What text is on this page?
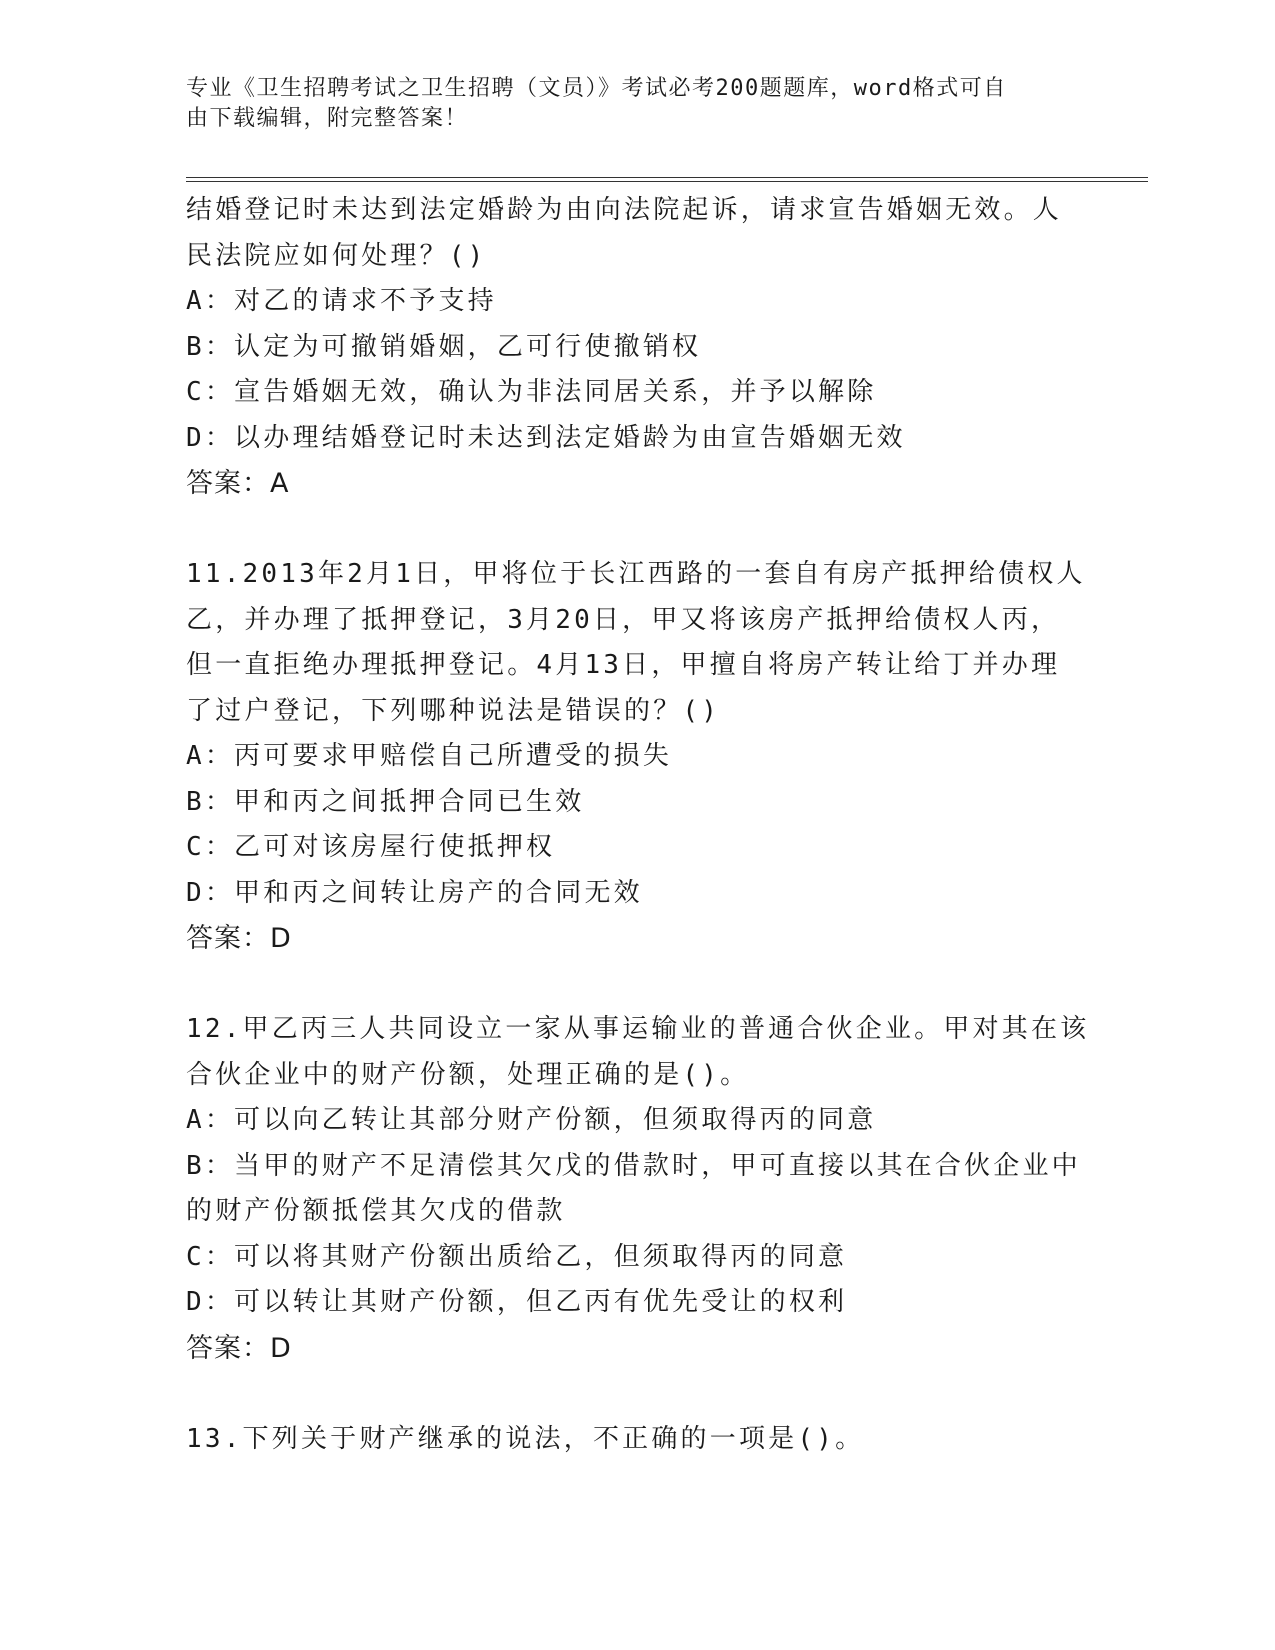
专业《卫生招聘考试之卫生招聘（文员）》考试必考200题题库，word格式可自
由下载编辑，附完整答案！
结婚登记时未达到法定婚龄为由向法院起诉，请求宣告婚姻无效。人
民法院应如何处理？()
A：对乙的请求不予支持
B：认定为可撤销婚姻，乙可行使撤销权
C：宣告婚姻无效，确认为非法同居关系，并予以解除
D：以办理结婚登记时未达到法定婚龄为由宣告婚姻无效
答案：A
11.2013年2月1日，甲将位于长江西路的一套自有房产抵押给债权人
乙，并办理了抵押登记，3月20日，甲又将该房产抵押给债权人丙，
但一直拒绝办理抵押登记。4月13日，甲擅自将房产转让给丁并办理
了过户登记，下列哪种说法是错误的？()
A：丙可要求甲赔偿自己所遭受的损失
B：甲和丙之间抵押合同已生效
C：乙可对该房屋行使抵押权
D：甲和丙之间转让房产的合同无效
答案：D
12.甲乙丙三人共同设立一家从事运输业的普通合伙企业。甲对其在该
合伙企业中的财产份额，处理正确的是()。
A：可以向乙转让其部分财产份额，但须取得丙的同意
B：当甲的财产不足清偿其欠戊的借款时，甲可直接以其在合伙企业中
的财产份额抵偿其欠戊的借款
C：可以将其财产份额出质给乙，但须取得丙的同意
D：可以转让其财产份额，但乙丙有优先受让的权利
答案：D
13.下列关于财产继承的说法，不正确的一项是()。
